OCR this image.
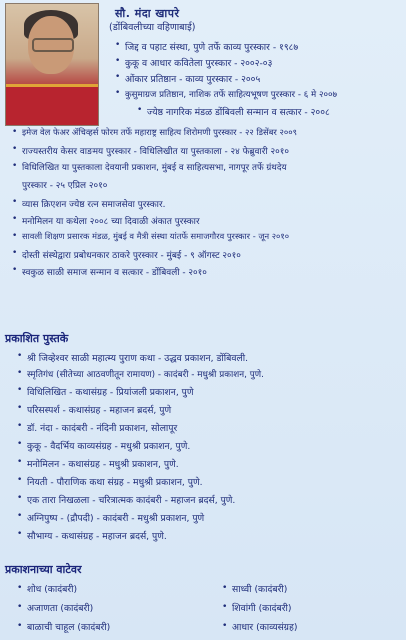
सौ. मंदा खापरे
(डोंबिवलीच्या वहिणाबाई)
• जिद्द व पहाट संस्था, पुणे तर्फे काव्य पुरस्कार - १९८७
• कुकू व आधार कवितेला पुरस्कार - २००२-०३
• ओंकार प्रतिष्ठान - काव्य पुरस्कार - २००५
• कुसुमाग्रज प्रतिष्ठान, नाशिक तर्फे साहित्यभूषण पुरस्कार - ६ मे २००७
• ज्येष्ठ नागरिक मंडळ डोंबिवली सन्मान व सत्कार - २००८
• इमेज वेल फेअर ॲचिव्हर्स फोरम तर्फे महाराष्ट्र साहित्य शिरोमणी पुरस्कार - २२ डिसेंबर २००९
• राज्यस्तरीय केसर वाङमय पुरस्कार - विधिलिखीत या पुस्तकाला - २४ फेब्रुवारी २०१०
• विधिलिखित या पुस्तकाला देवयानी प्रकाशन, मुंबई व साहित्यसभा, नागपूर तर्फे ग्रंथदेय
पुरस्कार - २५ एप्रिल २०१०
• व्यास क्रिएशन ज्येष्ठ रत्न समाजसेवा पुरस्कार.
• मनोमिलन या कथेला २००८ च्या दिवाळी अंकात पुरस्कार
• सावली शिक्षण प्रसारक मंडळ, मुंबई व मैत्री संस्था यांतर्फे समाजगौरव पुरस्कार - जून २०१०
• दोस्ती संस्थेद्वारा प्रबोधनकार ठाकरे पुरस्कार - मुंबई - ९ ऑगस्ट २०१०
• स्वकुळ साळी समाज सन्मान व सत्कार - डोंबिवली - २०१०
प्रकाशित पुस्तके
• श्री जिव्हेश्वर साळी महात्म्य पुराण कथा - उद्धव प्रकाशन, डोंबिवली.
• स्मृतिगंध (सीतेच्या आठवणीतून रामायण) - कादंबरी - मधुश्री प्रकाशन, पुणे.
• विधिलिखित - कथासंग्रह - प्रियांजली प्रकाशन, पुणे
• परिसस्पर्श - कथासंग्रह - महाजन ब्रदर्स, पुणे
• डॉ. नंदा - कादंबरी - नंदिनी प्रकाशन, सोलापूर
• कुकू - वैदर्भिय काव्यसंग्रह - मधुश्री प्रकाशन, पुणे.
• मनोमिलन - कथासंग्रह - मधुश्री प्रकाशन, पुणे.
• नियती - पौराणिक कथा संग्रह - मधुश्री प्रकाशन, पुणे.
• एक तारा निखळला - चरित्रात्मक कादंबरी - महाजन ब्रदर्स, पुणे.
• अग्निपुष्प - (द्रौपदी) - कादंबरी - मधुश्री प्रकाशन, पुणे
• सौभाग्य - कथासंग्रह - महाजन ब्रदर्स, पुणे.
प्रकाशनाच्या वाटेवर
• शोध (कादंबरी)
• अजाणता (कादंबरी)
• बाळाची चाहूल (कादंबरी)
• साध्वी (कादंबरी)
• शिवांगी (कादंबरी)
• आधार (काव्यसंग्रह)
